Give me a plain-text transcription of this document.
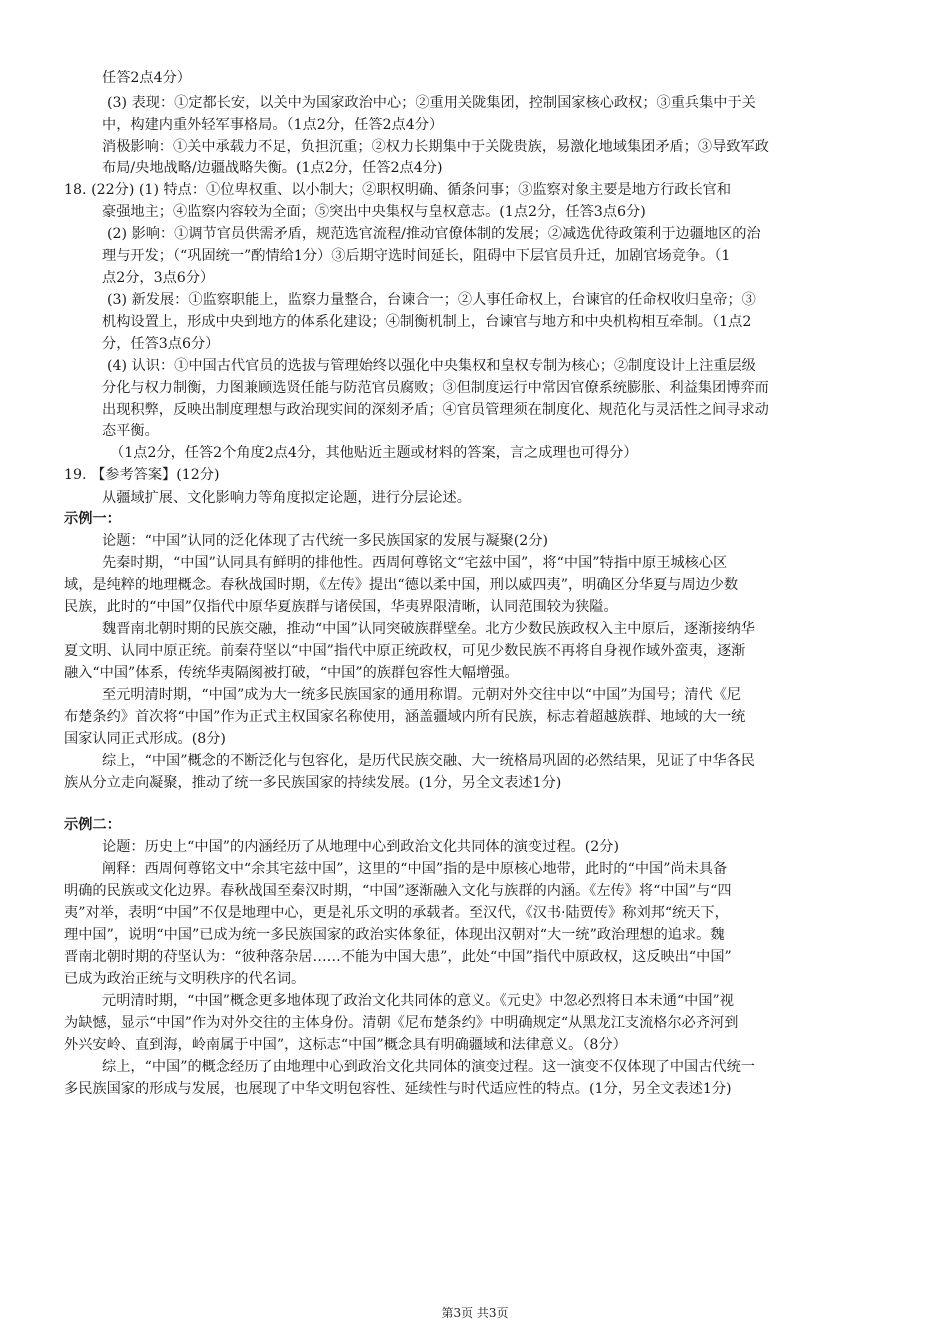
任答2点4分）
(3) 表现：①定都长安，以关中为国家政治中心；②重用关陇集团，控制国家核心政权；③重兵集中于关
中，构建内重外轻军事格局。（1点2分，任答2点4分）
消极影响：①关中承载力不足，负担沉重；②权力长期集中于关陇贵族，易激化地域集团矛盾；③导致军政
布局/央地战略/边疆战略失衡。(1点2分，任答2点4分)
18. (22分) (1) 特点：①位卑权重、以小制大；②职权明确、循条问事；③监察对象主要是地方行政长官和
豪强地主；④监察内容较为全面；⑤突出中央集权与皇权意志。(1点2分，任答3点6分)
(2) 影响：①调节官员供需矛盾，规范选官流程/推动官僚体制的发展；②减选优待政策利于边疆地区的治
理与开发；（“巩固统一”酌情给1分）③后期守选时间延长，阻碍中下层官员升迁，加剧官场竞争。（1
点2分，3点6分）
(3) 新发展：①监察职能上，监察力量整合，台谏合一；②人事任命权上，台谏官的任命权收归皇帝；③
机构设置上，形成中央到地方的体系化建设；④制衡机制上，台谏官与地方和中央机构相互牵制。（1点2
分，任答3点6分）
(4) 认识：①中国古代官员的选拔与管理始终以强化中央集权和皇权专制为核心；②制度设计上注重层级
分化与权力制衡，力图兼顾选贤任能与防范官员腐败；③但制度运行中常因官僚系统膨胀、利益集团博弈而
出现积弊，反映出制度理想与政治现实间的深刻矛盾；④官员管理须在制度化、规范化与灵活性之间寻求动
态平衡。
（1点2分，任答2个角度2点4分，其他贴近主题或材料的答案，言之成理也可得分）
19. 【参考答案】(12分)
从疆域扩展、文化影响力等角度拟定论题，进行分层论述。
示例一：
论题：“中国”认同的泛化体现了古代统一多民族国家的发展与凝聚(2分)
先秦时期，“中国”认同具有鲜明的排他性。西周何尊铭文“宅兹中国”，将“中国”特指中原王城核心区
域，是纯粹的地理概念。春秋战国时期，《左传》提出“德以柔中国，刑以威四夷”，明确区分华夏与周边少数
民族，此时的“中国”仅指代中原华夏族群与诸侯国，华夷界限清晰，认同范围较为狭隘。
魏晋南北朝时期的民族交融，推动“中国”认同突破族群壁垒。北方少数民族政权入主中原后，逐渐接纳华
夏文明、认同中原正统。前秦苻坚以“中国”指代中原正统政权，可见少数民族不再将自身视作域外蛮夷，逐渐
融入“中国”体系，传统华夷隔阂被打破，“中国”的族群包容性大幅增强。
至元明清时期，“中国”成为大一统多民族国家的通用称谓。元朝对外交往中以“中国”为国号；清代《尼
布楚条约》首次将“中国”作为正式主权国家名称使用，涵盖疆域内所有民族，标志着超越族群、地域的大一统
国家认同正式形成。(8分)
综上，“中国”概念的不断泛化与包容化，是历代民族交融、大一统格局巩固的必然结果，见证了中华各民
族从分立走向凝聚，推动了统一多民族国家的持续发展。(1分，另全文表述1分)
示例二：
论题：历史上“中国”的内涵经历了从地理中心到政治文化共同体的演变过程。(2分)
阐释：西周何尊铭文中“余其宅兹中国”，这里的“中国”指的是中原核心地带，此时的“中国”尚未具备
明确的民族或文化边界。春秋战国至秦汉时期，“中国”逐渐融入文化与族群的内涵。《左传》将“中国”与“四
夷”对举，表明“中国”不仅是地理中心，更是礼乐文明的承载者。至汉代，《汉书·陆贾传》称刘邦“统天下，
理中国”，说明“中国”已成为统一多民族国家的政治实体象征，体现出汉朝对“大一统”政治理想的追求。魏
晋南北朝时期的苻坚认为：“彼种落杂居……不能为中国大患”，此处“中国”指代中原政权，这反映出“中国”
已成为政治正统与文明秩序的代名词。
元明清时期，“中国”概念更多地体现了政治文化共同体的意义。《元史》中忽必烈将日本未通“中国”视
为缺憾，显示“中国”作为对外交往的主体身份。清朝《尼布楚条约》中明确规定“从黑龙江支流格尔必齐河到
外兴安岭、直到海，岭南属于中国”，这标志“中国”概念具有明确疆域和法律意义。（8分）
综上，“中国”的概念经历了由地理中心到政治文化共同体的演变过程。这一演变不仅体现了中国古代统一
多民族国家的形成与发展，也展现了中华文明包容性、延续性与时代适应性的特点。(1分，另全文表述1分)
第3页 共3页
